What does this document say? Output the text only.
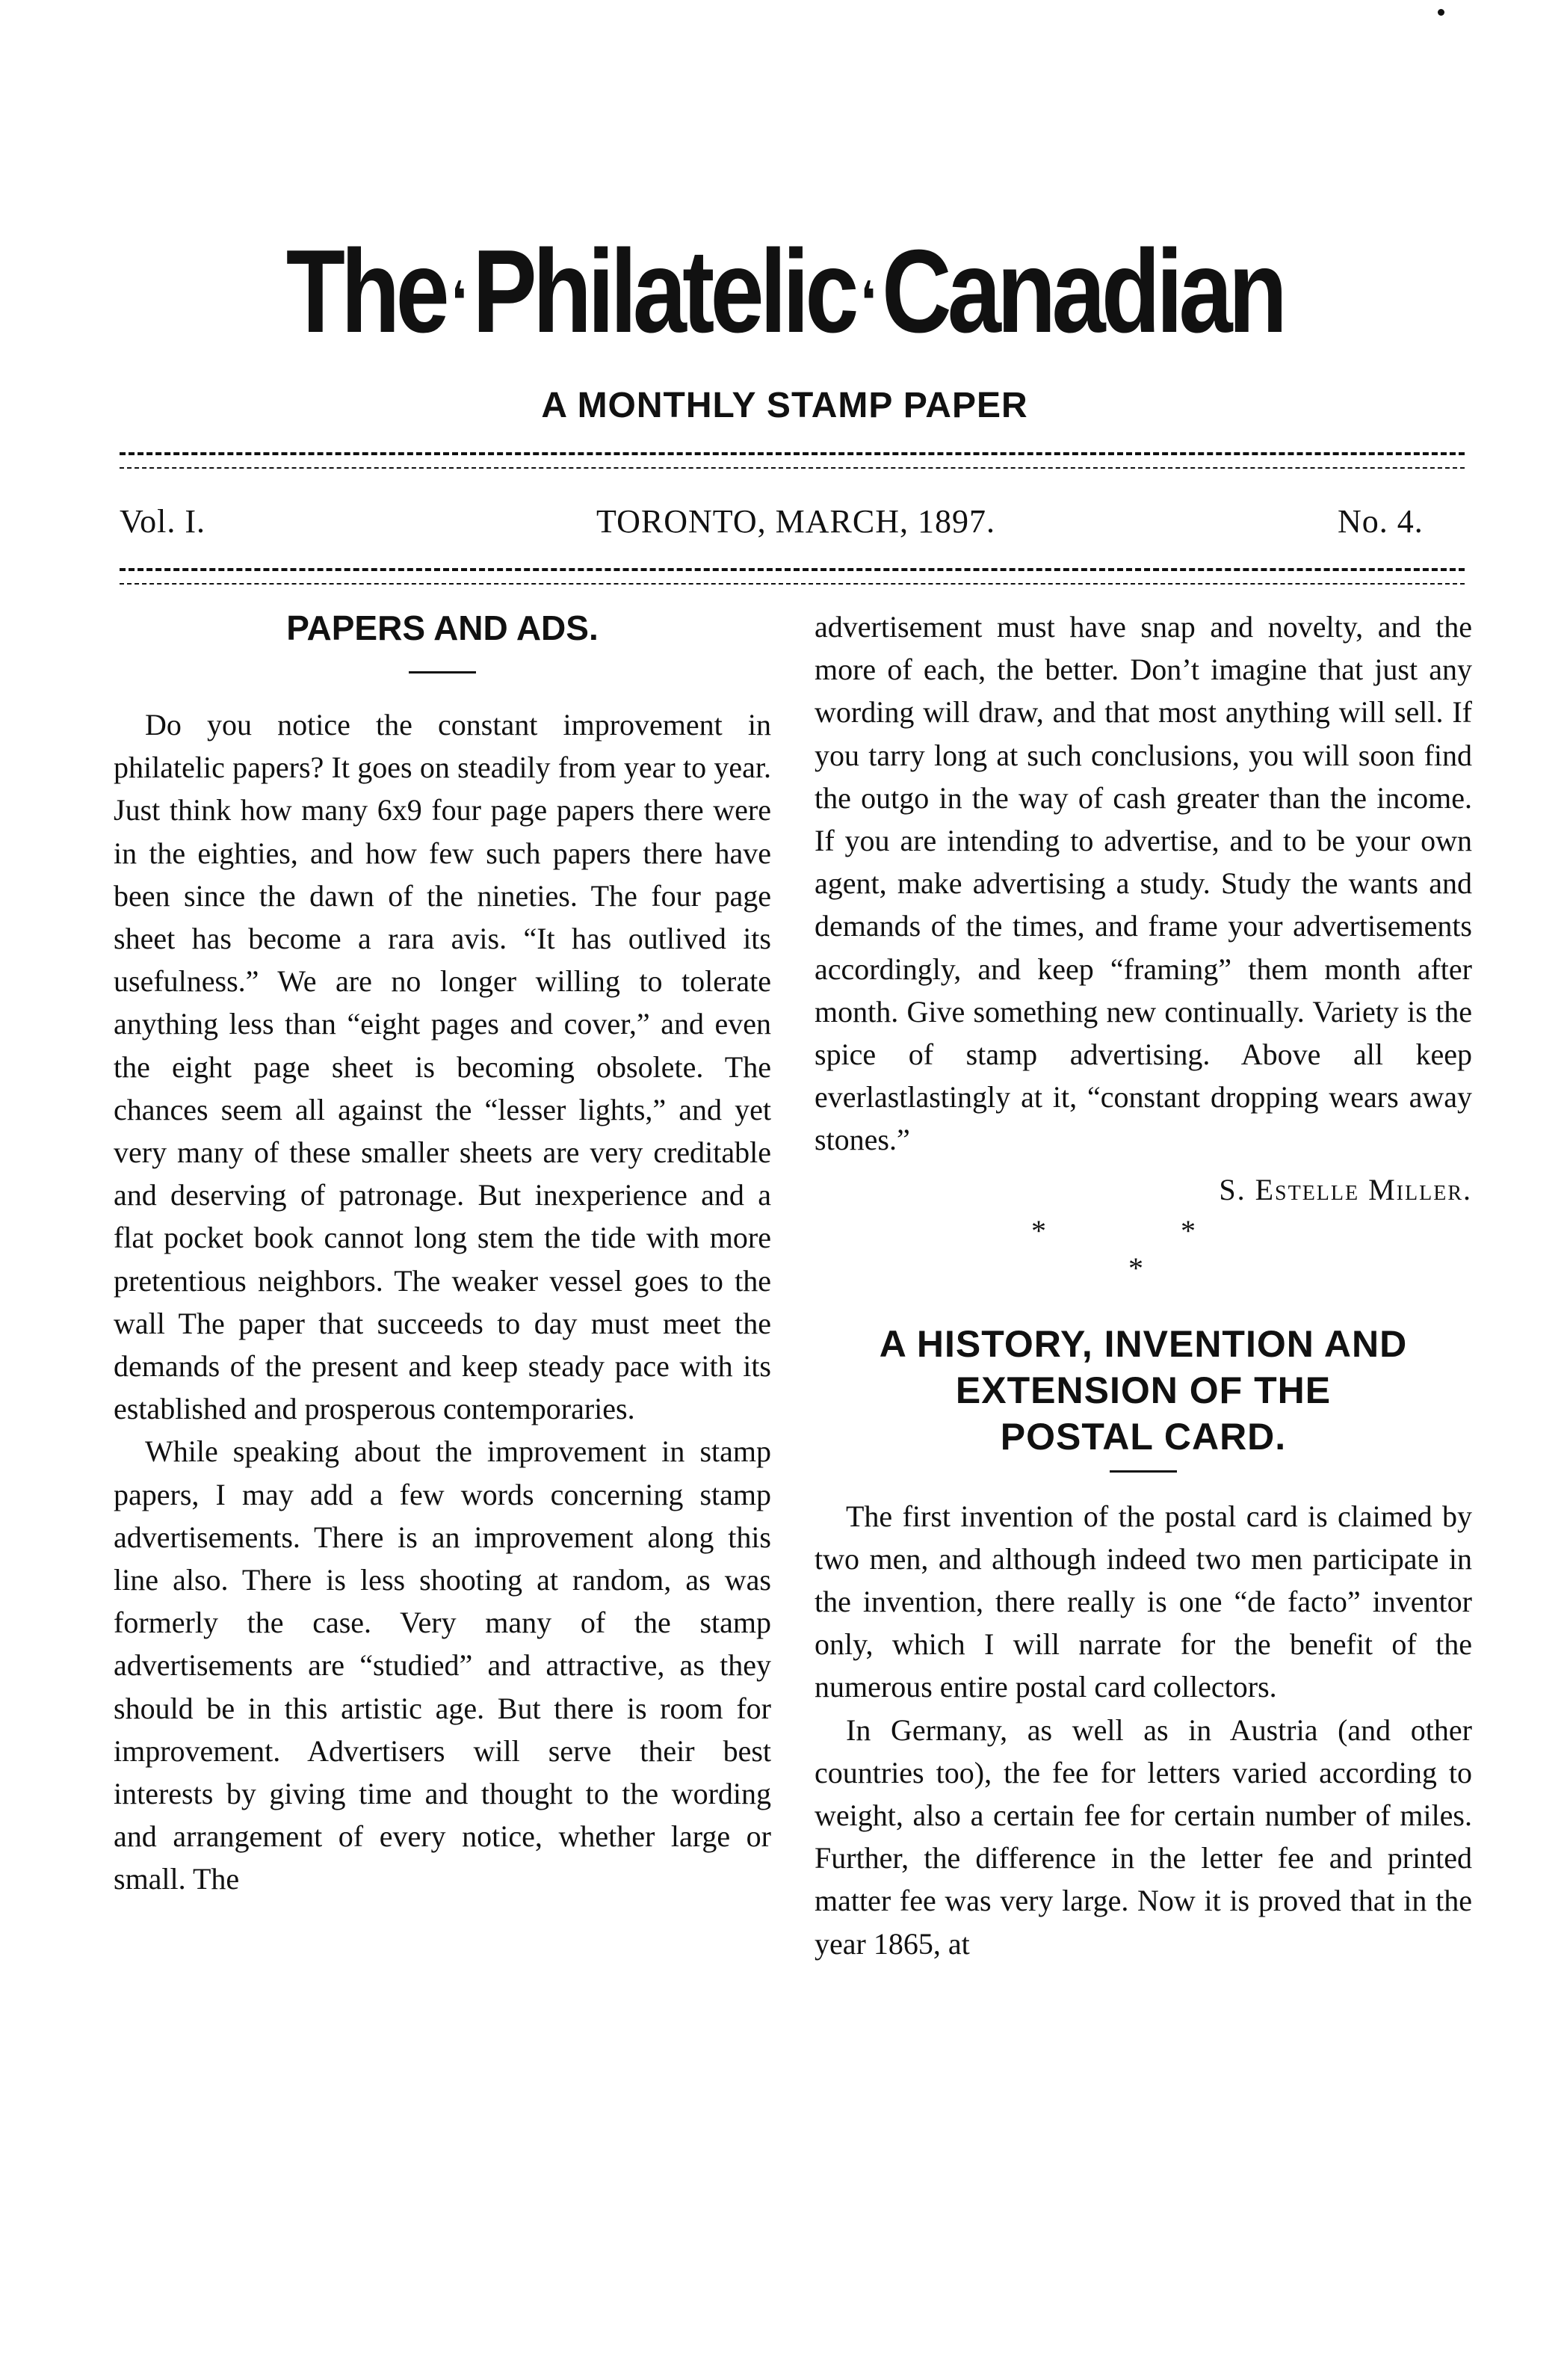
The ❛Philatelic ❛Canadian
A MONTHLY STAMP PAPER
Vol. I.	TORONTO, MARCH, 1897.	No. 4.
PAPERS AND ADS.

Do you notice the constant improvement in philatelic papers? It goes on steadily from year to year. Just think how many 6x9 four page papers there were in the eighties, and how few such papers there have been since the dawn of the nineties. The four page sheet has become a rara avis. “It has outlived its usefulness.” We are no longer willing to tolerate anything less than “eight pages and cover,” and even the eight page sheet is becoming obsolete. The chances seem all against the “lesser lights,” and yet very many of these smaller sheets are very creditable and deserving of patronage. But inexperience and a flat pocket book cannot long stem the tide with more pretentious neighbors. The weaker vessel goes to the wall The paper that succeeds to day must meet the demands of the present and keep steady pace with its established and prosperous contemporaries.

While speaking about the improvement in stamp papers, I may add a few words concerning stamp advertisements. There is an improvement along this line also. There is less shooting at random, as was formerly the case. Very many of the stamp advertisements are “studied” and attractive, as they should be in this artistic age. But there is room for improvement. Advertisers will serve their best interests by giving time and thought to the wording and arrangement of every notice, whether large or small. The

advertisement must have snap and novelty, and the more of each, the better. Don’t imagine that just any wording will draw, and that most anything will sell. If you tarry long at such conclusions, you will soon find the outgo in the way of cash greater than the income. If you are intending to advertise, and to be your own agent, make advertising a study. Study the wants and demands of the times, and frame your advertisements accordingly, and keep “framing” them month after month. Give something new continually. Variety is the spice of stamp advertising. Above all keep everlastlastingly at it, “constant dropping wears away stones.”

S. Estelle Miller.

*	*
*
A HISTORY, INVENTION AND
EXTENSION OF THE
POSTAL CARD.

The first invention of the postal card is claimed by two men, and although indeed two men participate in the invention, there really is one “de facto” inventor only, which I will narrate for the benefit of the numerous entire postal card collectors.

In Germany, as well as in Austria (and other countries too), the fee for letters varied according to weight, also a certain fee for certain number of miles. Further, the difference in the letter fee and printed matter fee was very large. Now it is proved that in the year 1865, at
